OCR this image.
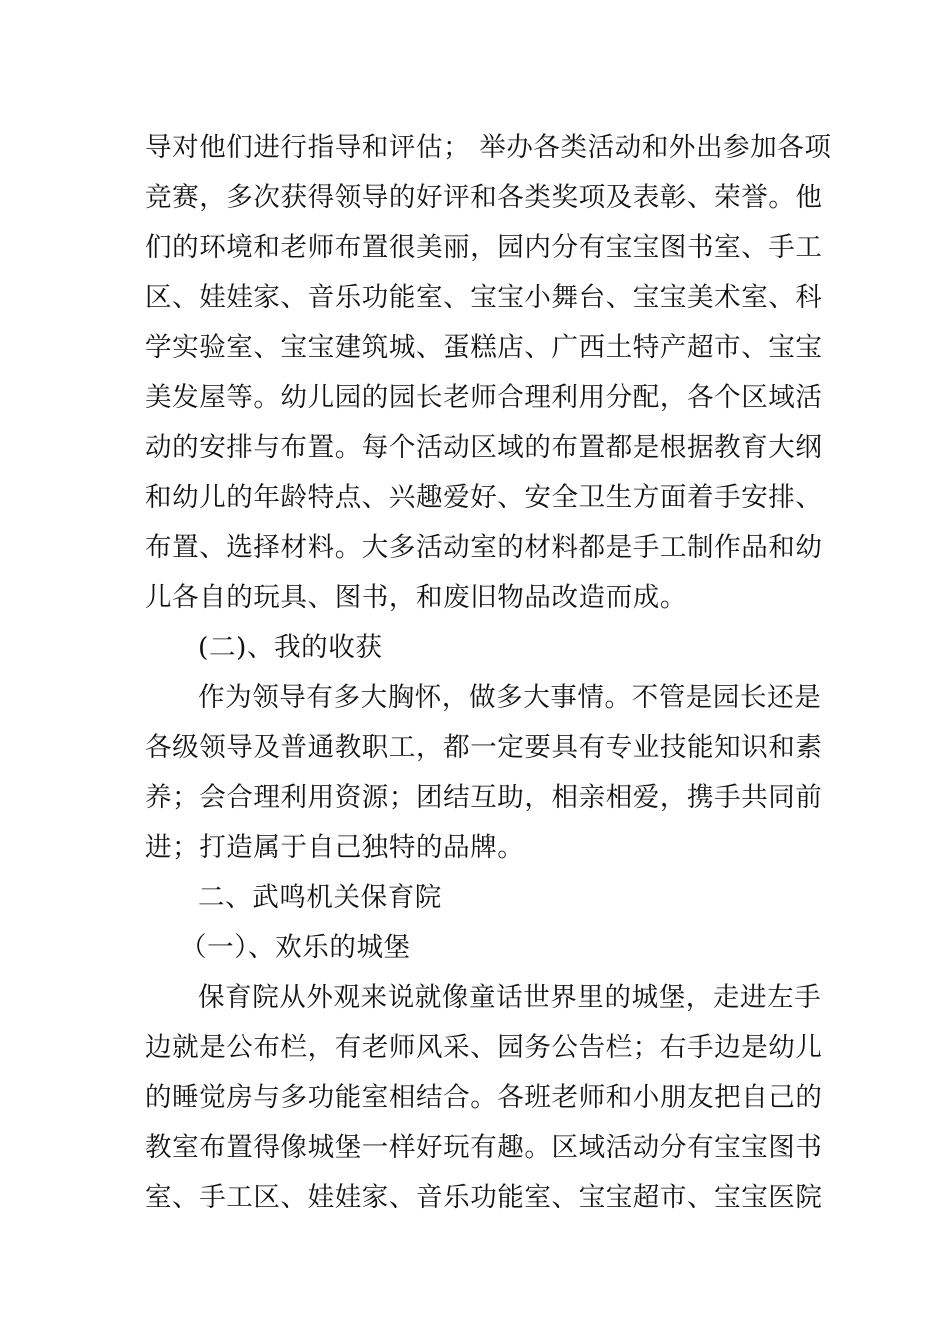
导对他们进行指导和评估； 举办各类活动和外出参加各项
竞赛，多次获得领导的好评和各类奖项及表彰、荣誉。他
们的环境和老师布置很美丽，园内分有宝宝图书室、手工
区、娃娃家、音乐功能室、宝宝小舞台、宝宝美术室、科
学实验室、宝宝建筑城、蛋糕店、广西土特产超市、宝宝
美发屋等。幼儿园的园长老师合理利用分配，各个区域活
动的安排与布置。每个活动区域的布置都是根据教育大纲
和幼儿的年龄特点、兴趣爱好、安全卫生方面着手安排、
布置、选择材料。大多活动室的材料都是手工制作品和幼
儿各自的玩具、图书，和废旧物品改造而成。
(二)、我的收获
作为领导有多大胸怀，做多大事情。不管是园长还是
各级领导及普通教职工，都一定要具有专业技能知识和素
养；会合理利用资源；团结互助，相亲相爱，携手共同前
进；打造属于自己独特的品牌。
二、武鸣机关保育院
（一）、欢乐的城堡
保育院从外观来说就像童话世界里的城堡，走进左手
边就是公布栏，有老师风采、园务公告栏；右手边是幼儿
的睡觉房与多功能室相结合。各班老师和小朋友把自己的
教室布置得像城堡一样好玩有趣。区域活动分有宝宝图书
室、手工区、娃娃家、音乐功能室、宝宝超市、宝宝医院
